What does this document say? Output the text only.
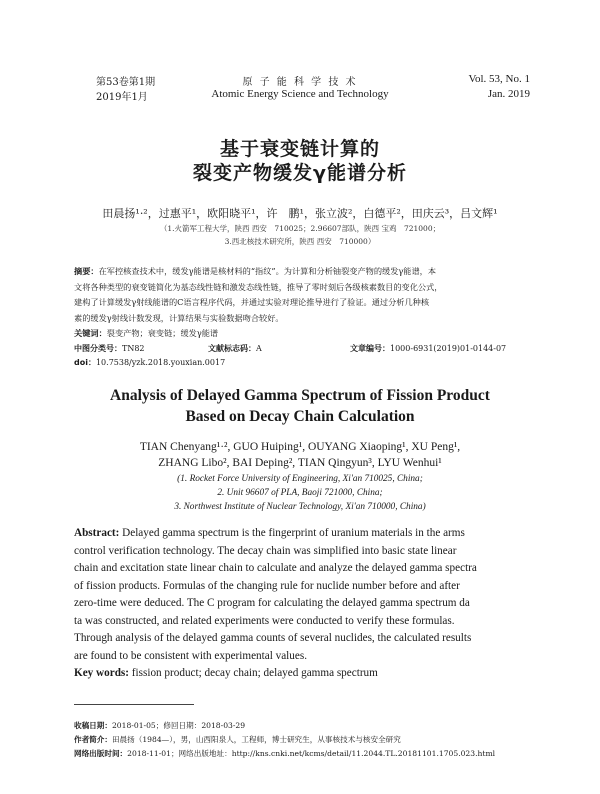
第53卷第1期
2019年1月
原 子 能 科 学 技 术
Atomic Energy Science and Technology
Vol. 53, No. 1
Jan. 2019
基于衰变链计算的
裂变产物缓发γ能谱分析
田晨扬¹·²，过惠平¹，欧阳晓平¹，许　鹏¹，张立波²，白德平²，田庆云³，吕文辉¹
（1.火箭军工程大学，陕西 西安　710025；2.96607部队，陕西 宝鸡　721000；
3.西北核技术研究所，陕西 西安　710000）
摘要：在军控核查技术中，缓发γ能谱是核材料的“指纹”。为计算和分析铀裂变产物的缓发γ能谱，本
文将各种类型的衰变链简化为基态线性链和激发态线性链，推导了零时刻后各级核素数目的变化公式，
建构了计算缓发γ射线能谱的C语言程序代码，并通过实验对理论推导进行了验证。通过分析几种核
素的缓发γ射线计数发现，计算结果与实验数据吻合较好。
关键词：裂变产物；衰变链；缓发γ能谱
中图分类号：TN82	文献标志码：A	文章编号：1000-6931(2019)01-0144-07
doi：10.7538/yzk.2018.youxian.0017
Analysis of Delayed Gamma Spectrum of Fission Product
Based on Decay Chain Calculation
TIAN Chenyang¹·², GUO Huiping¹, OUYANG Xiaoping¹, XU Peng¹,
ZHANG Libo², BAI Deping², TIAN Qingyun³, LYU Wenhui¹
(1. Rocket Force University of Engineering, Xi'an 710025, China;
2. Unit 96607 of PLA, Baoji 721000, China;
3. Northwest Institute of Nuclear Technology, Xi'an 710000, China)
Abstract: Delayed gamma spectrum is the fingerprint of uranium materials in the arms
control verification technology. The decay chain was simplified into basic state linear
chain and excitation state linear chain to calculate and analyze the delayed gamma spectra
of fission products. Formulas of the changing rule for nuclide number before and after
zero-time were deduced. The C program for calculating the delayed gamma spectrum da
ta was constructed, and related experiments were conducted to verify these formulas.
Through analysis of the delayed gamma counts of several nuclides, the calculated results
are found to be consistent with experimental values.
Key words: fission product; decay chain; delayed gamma spectrum
收稿日期：2018-01-05；修回日期：2018-03-29
作者简介：田晨扬（1984—），男，山西阳泉人，工程师，博士研究生，从事核技术与核安全研究
网络出版时间：2018-11-01；网络出版地址：http://kns.cnki.net/kcms/detail/11.2044.TL.20181101.1705.023.html
